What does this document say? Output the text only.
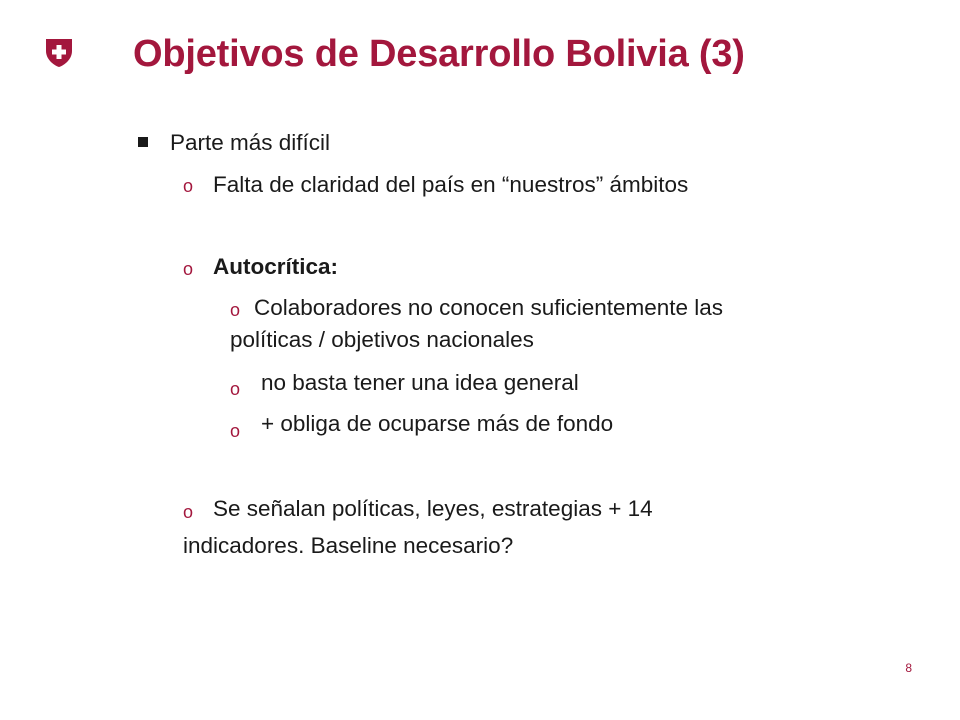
Objetivos de Desarrollo Bolivia (3)
Parte más difícil
o Falta de claridad del país en “nuestros” ámbitos
o Autocrítica:
o Colaboradores no conocen suficientemente las
políticas / objetivos nacionales
o no basta tener una idea general
o + obliga de ocuparse más de fondo
o Se señalan políticas, leyes, estrategias + 14
indicadores. Baseline necesario?
8
